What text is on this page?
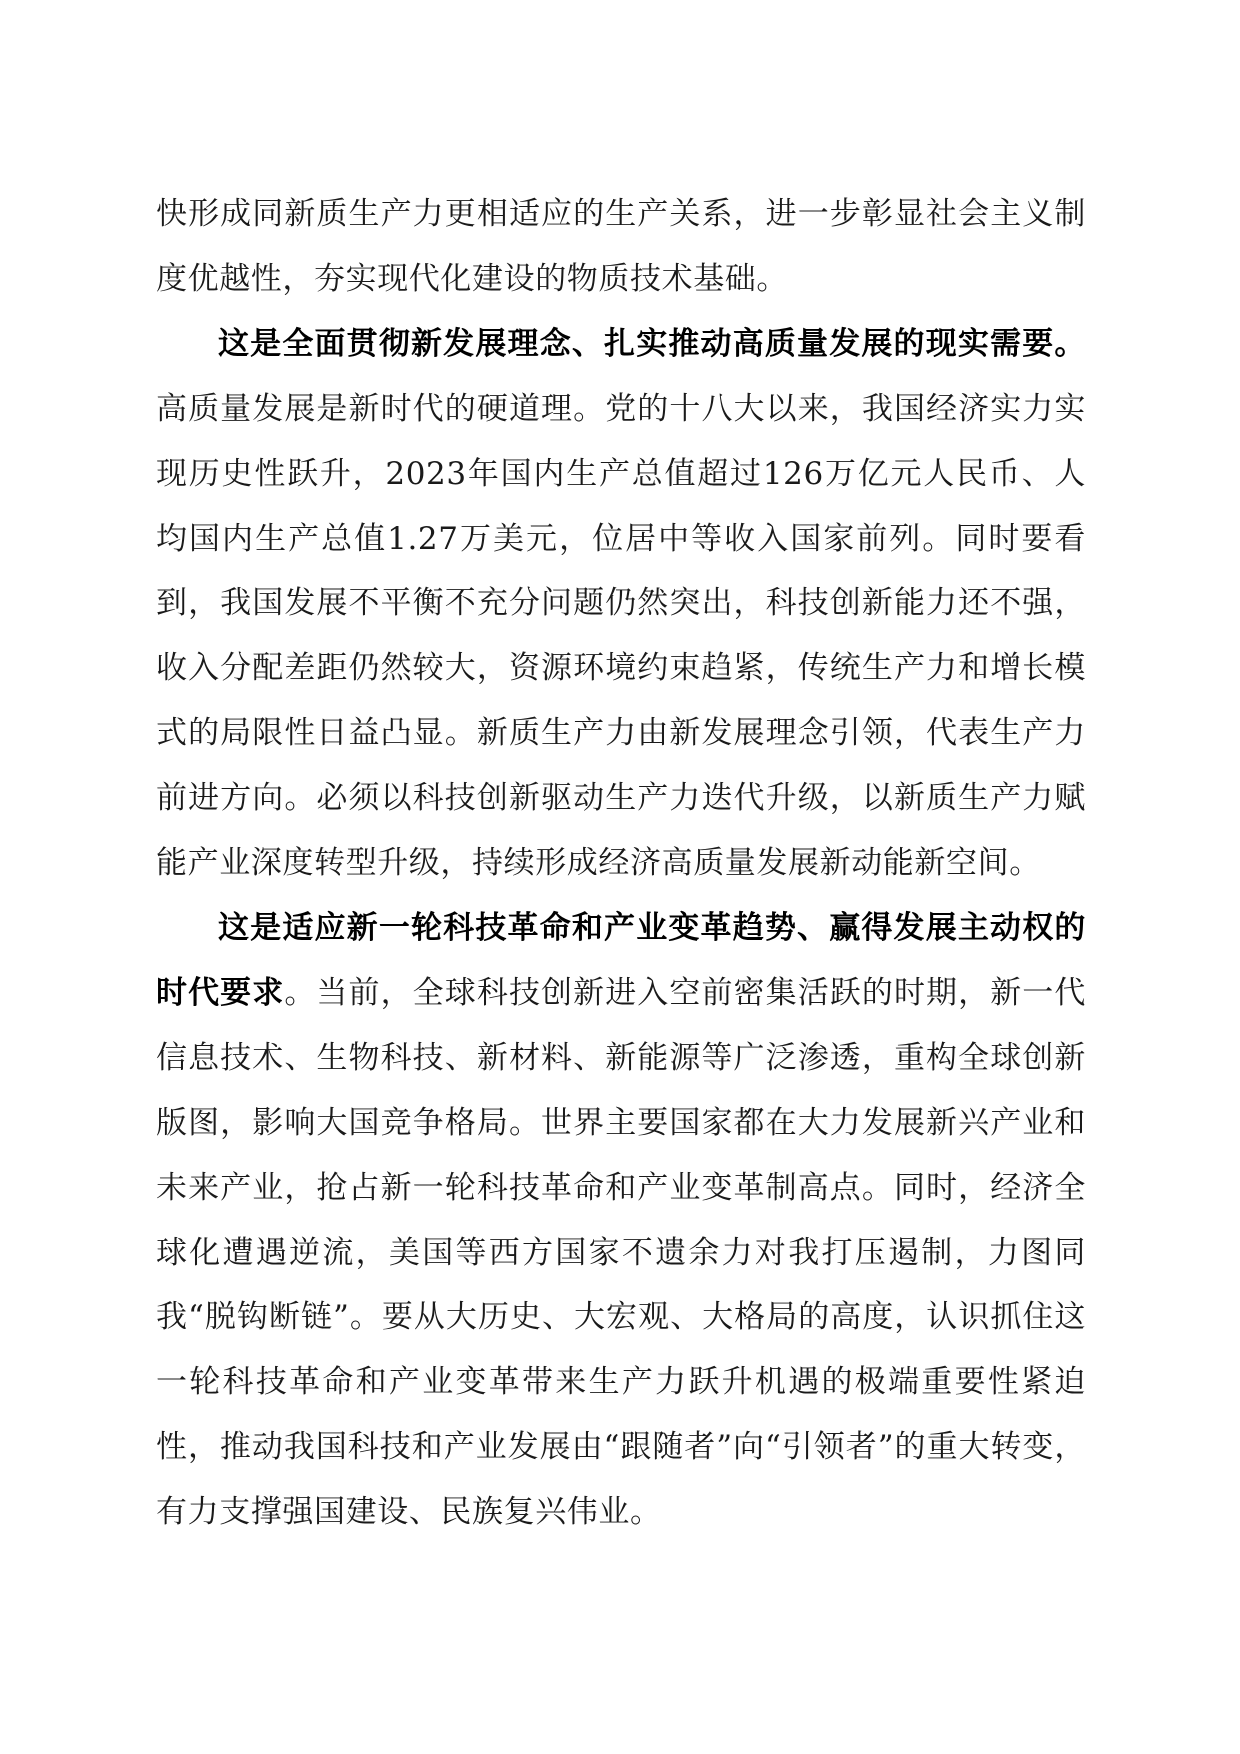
快形成同新质生产力更相适应的生产关系，进一步彰显社会主义制度优越性，夯实现代化建设的物质技术基础。

这是全面贯彻新发展理念、扎实推动高质量发展的现实需要。高质量发展是新时代的硬道理。党的十八大以来，我国经济实力实现历史性跃升，2023年国内生产总值超过126万亿元人民币、人均国内生产总值1.27万美元，位居中等收入国家前列。同时要看到，我国发展不平衡不充分问题仍然突出，科技创新能力还不强，收入分配差距仍然较大，资源环境约束趋紧，传统生产力和增长模式的局限性日益凸显。新质生产力由新发展理念引领，代表生产力前进方向。必须以科技创新驱动生产力迭代升级，以新质生产力赋能产业深度转型升级，持续形成经济高质量发展新动能新空间。

这是适应新一轮科技革命和产业变革趋势、赢得发展主动权的时代要求。当前，全球科技创新进入空前密集活跃的时期，新一代信息技术、生物科技、新材料、新能源等广泛渗透，重构全球创新版图，影响大国竞争格局。世界主要国家都在大力发展新兴产业和未来产业，抢占新一轮科技革命和产业变革制高点。同时，经济全球化遭遇逆流，美国等西方国家不遗余力对我打压遏制，力图同我“脱钩断链”。要从大历史、大宏观、大格局的高度，认识抓住这一轮科技革命和产业变革带来生产力跃升机遇的极端重要性紧迫性，推动我国科技和产业发展由“跟随者”向“引领者”的重大转变，有力支撑强国建设、民族复兴伟业。
